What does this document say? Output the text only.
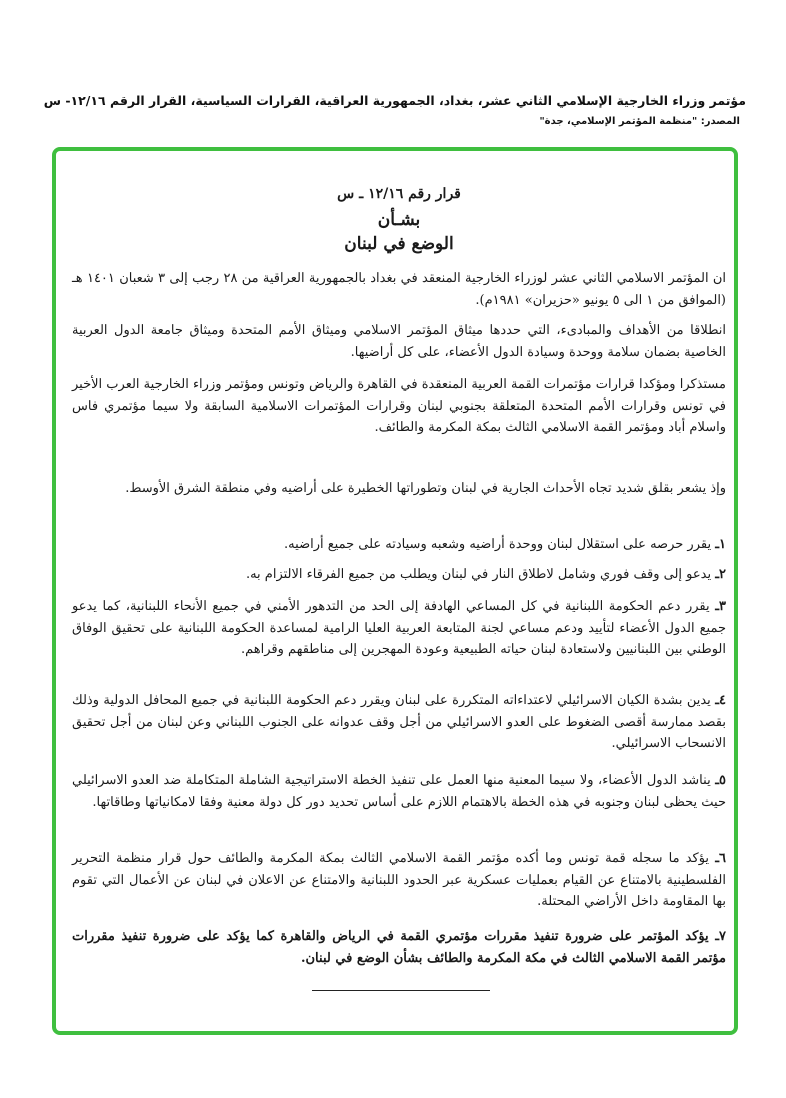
مؤتمر وزراء الخارجية الإسلامي الثاني عشر، بغداد، الجمهورية العراقية، القرارات السياسية، القرار الرقم ١٢/١٦- س
المصدر: "منظمة المؤتمر الإسلامي، جدة"
قرار رقم ١٢/١٦ ـ س
بشـأن
الوضع في لبنان

ان المؤتمر الاسلامي الثاني عشر لوزراء الخارجية المنعقد في بغداد بالجمهورية العراقية من ٢٨ رجب إلى ٣ شعبان ١٤٠١ هـ (الموافق من ١ الى ٥ يونيو «حزيران» ١٩٨١م).

انطلاقا من الأهداف والمبادىء، التي حددها ميثاق المؤتمر الاسلامي وميثاق الأمم المتحدة وميثاق جامعة الدول العربية الخاصية بضمان سلامة ووحدة وسيادة الدول الأعضاء، على كل أراضيها.

مستذكرا ومؤكدا قرارات مؤتمرات القمة العربية المنعقدة في القاهرة والرياض وتونس ومؤتمر وزراء الخارجية العرب الأخير في تونس وقرارات الأمم المتحدة المتعلقة بجنوبي لبنان وقرارات المؤتمرات الاسلامية السابقة ولا سيما مؤتمري فاس واسلام أباد ومؤتمر القمة الاسلامي الثالث بمكة المكرمة والطائف.

وإذ يشعر بقلق شديد تجاه الأحداث الجارية في لبنان وتطوراتها الخطيرة على أراضيه وفي منطقة الشرق الأوسط.

١ـ يقرر حرصه على استقلال لبنان ووحدة أراضيه وشعبه وسيادته على جميع أراضيه.

٢ـ يدعو إلى وقف فوري وشامل لاطلاق النار في لبنان ويطلب من جميع الفرقاء الالتزام به.

٣ـ يقرر دعم الحكومة اللبنانية في كل المساعي الهادفة إلى الحد من التدهور الأمني في جميع الأنحاء اللبنانية، كما يدعو جميع الدول الأعضاء لتأييد ودعم مساعي لجنة المتابعة العربية العليا الرامية لمساعدة الحكومة اللبنانية على تحقيق الوفاق الوطني بين اللبنانيين ولاستعادة لبنان حياته الطبيعية وعودة المهجرين إلى مناطقهم وقراهم.

٤ـ يدين بشدة الكيان الاسرائيلي لاعتداءاته المتكررة على لبنان ويقرر دعم الحكومة اللبنانية في جميع المحافل الدولية وذلك بقصد ممارسة أقصى الضغوط على العدو الاسرائيلي من أجل وقف عدوانه على الجنوب اللبناني وعن لبنان من أجل تحقيق الانسحاب الاسرائيلي.

٥ـ يناشد الدول الأعضاء، ولا سيما المعنية منها العمل على تنفيذ الخطة الاستراتيجية الشاملة المتكاملة ضد العدو الاسرائيلي حيث يحظى لبنان وجنوبه في هذه الخطة بالاهتمام اللازم على أساس تحديد دور كل دولة معنية وفقا لامكانياتها وطاقاتها.

٦ـ يؤكد ما سجله قمة تونس وما أكده مؤتمر القمة الاسلامي الثالث بمكة المكرمة والطائف حول قرار منظمة التحرير الفلسطينية بالامتناع عن القيام بعمليات عسكرية عبر الحدود اللبنانية والامتناع عن الاعلان في لبنان عن الأعمال التي تقوم بها المقاومة داخل الأراضي المحتلة.

٧ـ يؤكد المؤتمر على ضرورة تنفيذ مقررات مؤتمري القمة في الرياض والقاهرة كما يؤكد على ضرورة تنفيذ مقررات مؤتمر القمة الاسلامي الثالث في مكة المكرمة والطائف بشأن الوضع في لبنان.
